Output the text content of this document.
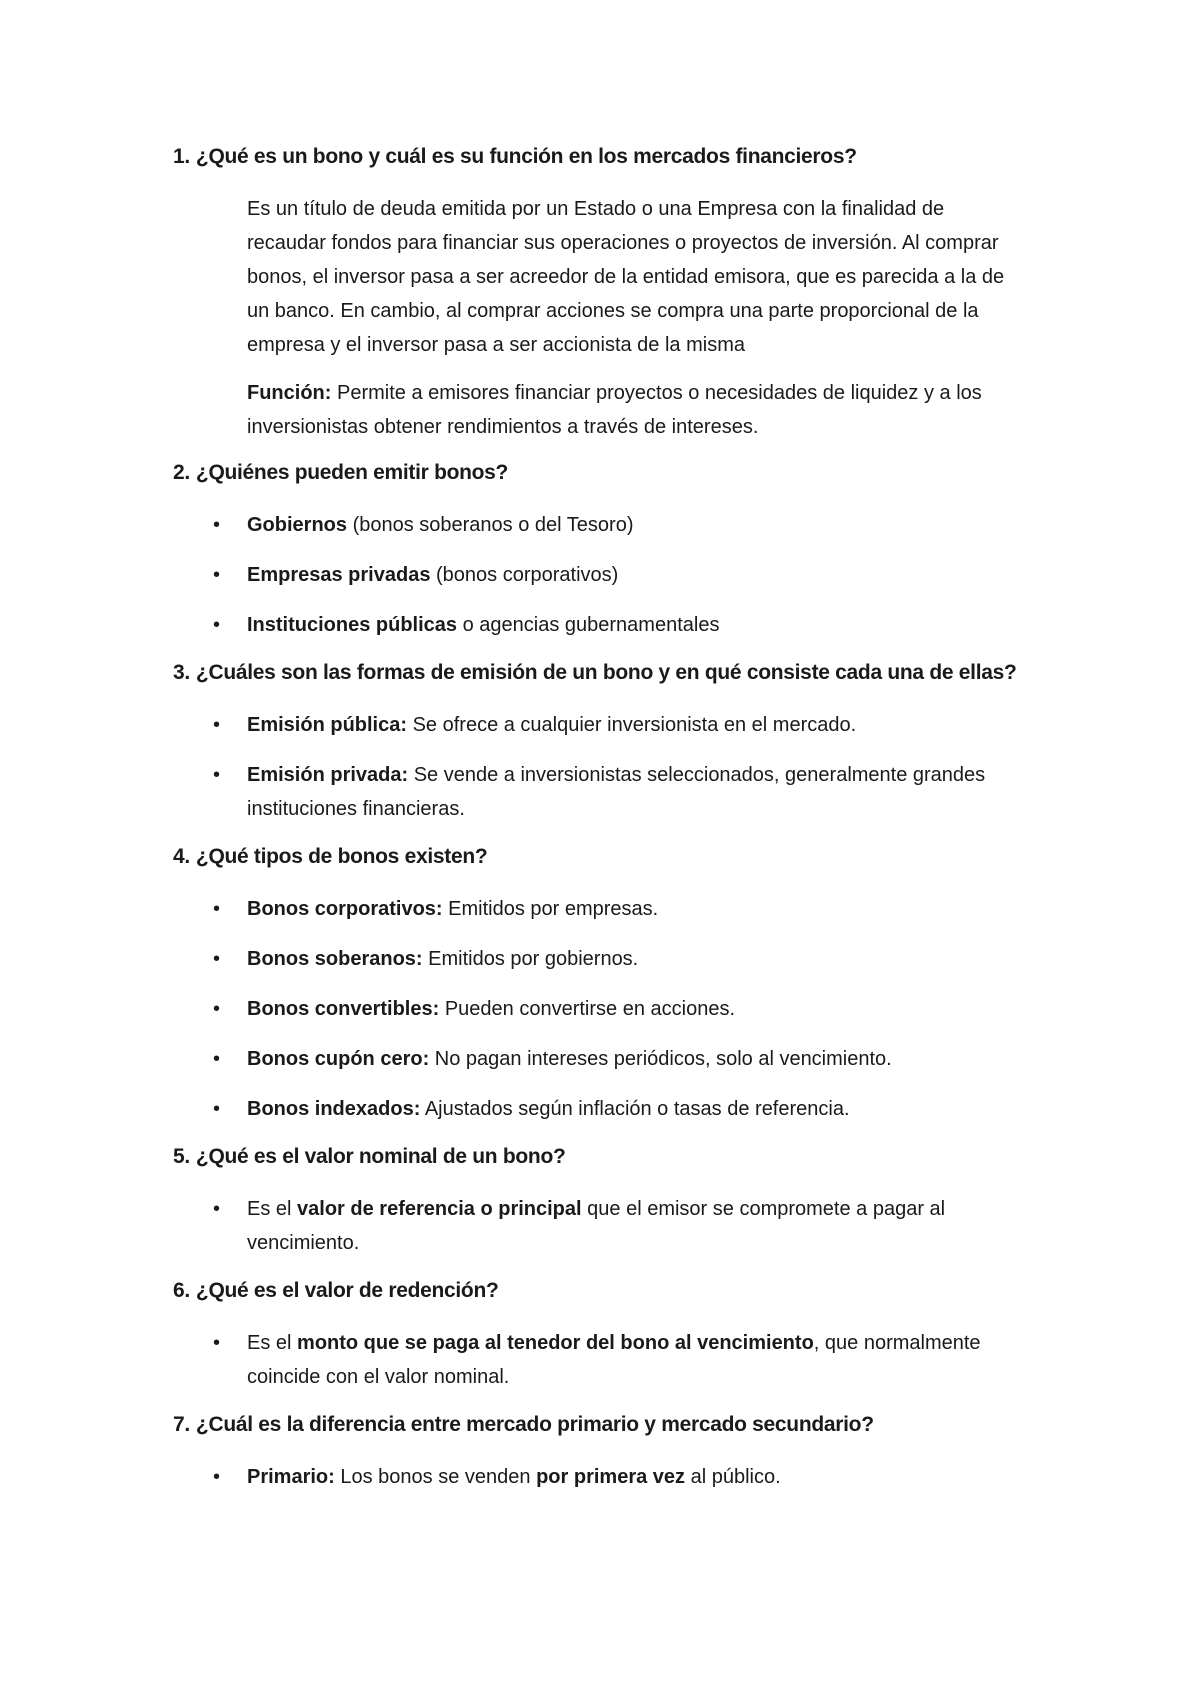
1. ¿Qué es un bono y cuál es su función en los mercados financieros?

Es un título de deuda emitida por un Estado o una Empresa con la finalidad de recaudar fondos para financiar sus operaciones o proyectos de inversión. Al comprar bonos, el inversor pasa a ser acreedor de la entidad emisora, que es parecida a la de un banco. En cambio, al comprar acciones se compra una parte proporcional de la empresa y el inversor pasa a ser accionista de la misma

Función: Permite a emisores financiar proyectos o necesidades de liquidez y a los inversionistas obtener rendimientos a través de intereses.

2. ¿Quiénes pueden emitir bonos?
• Gobiernos (bonos soberanos o del Tesoro)
• Empresas privadas (bonos corporativos)
• Instituciones públicas o agencias gubernamentales
3. ¿Cuáles son las formas de emisión de un bono y en qué consiste cada una de ellas?
• Emisión pública: Se ofrece a cualquier inversionista en el mercado.
• Emisión privada: Se vende a inversionistas seleccionados, generalmente grandes instituciones financieras.
4. ¿Qué tipos de bonos existen?
• Bonos corporativos: Emitidos por empresas.
• Bonos soberanos: Emitidos por gobiernos.
• Bonos convertibles: Pueden convertirse en acciones.
• Bonos cupón cero: No pagan intereses periódicos, solo al vencimiento.
• Bonos indexados: Ajustados según inflación o tasas de referencia.
5. ¿Qué es el valor nominal de un bono?
• Es el valor de referencia o principal que el emisor se compromete a pagar al vencimiento.
6. ¿Qué es el valor de redención?
• Es el monto que se paga al tenedor del bono al vencimiento, que normalmente coincide con el valor nominal.
7. ¿Cuál es la diferencia entre mercado primario y mercado secundario?
• Primario: Los bonos se venden por primera vez al público.
